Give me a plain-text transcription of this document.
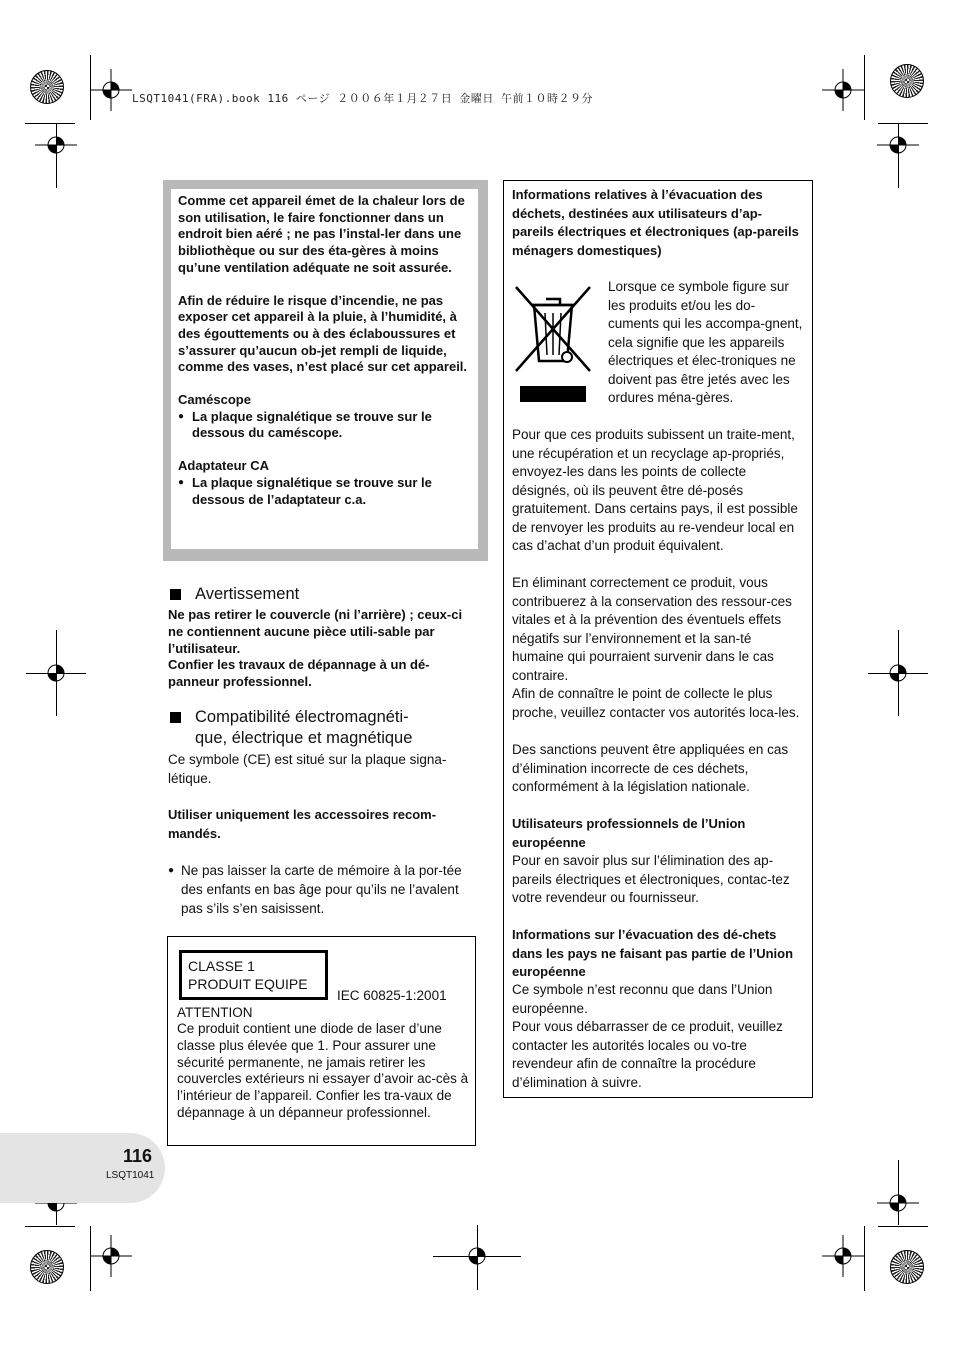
LSQT1041(FRA).book 116 ページ ２００６年１月２７日 金曜日 午前１０時２９分

Comme cet appareil émet de la chaleur lors de son utilisation, le faire fonctionner dans un endroit bien aéré ; ne pas l’instal-ler dans une bibliothèque ou sur des éta-gères à moins qu’une ventilation adéquate ne soit assurée.

Afin de réduire le risque d’incendie, ne pas exposer cet appareil à la pluie, à l’humidité, à des égouttements ou à des éclaboussures et s’assurer qu’aucun ob-jet rempli de liquide, comme des vases, n’est placé sur cet appareil.

Caméscope
● La plaque signalétique se trouve sur le dessous du caméscope.
Adaptateur CA
● La plaque signalétique se trouve sur le dessous de l’adaptateur c.a.
Avertissement
Ne pas retirer le couvercle (ni l’arrière) ; ceux-ci ne contiennent aucune pièce utili-sable par l’utilisateur.
Confier les travaux de dépannage à un dé-panneur professionnel.
Compatibilité électromagnéti-
que, électrique et magnétique
Ce symbole (CE) est situé sur la plaque signa-létique.
Utiliser uniquement les accessoires recom-mandés.
● Ne pas laisser la carte de mémoire à la por-tée des enfants en bas âge pour qu’ils ne l’avalent pas s’ils s’en saisissent.
CLASSE 1
PRODUIT EQUIPE
IEC 60825-1:2001
ATTENTION
Ce produit contient une diode de laser d’une classe plus élevée que 1. Pour assurer une sécurité permanente, ne jamais retirer les couvercles extérieurs ni essayer d’avoir ac-cès à l’intérieur de l’appareil. Confier les tra-vaux de dépannage à un dépanneur professionnel.
Informations relatives à l’évacuation des déchets, destinées aux utilisateurs d’ap-pareils électriques et électroniques (ap-pareils ménagers domestiques)
Lorsque ce symbole figure sur les produits et/ou les do-cuments qui les accompa-gnent, cela signifie que les appareils électriques et élec-troniques ne doivent pas être jetés avec les ordures ména-gères.
Pour que ces produits subissent un traite-ment, une récupération et un recyclage ap-propriés, envoyez-les dans les points de collecte désignés, où ils peuvent être dé-posés gratuitement. Dans certains pays, il est possible de renvoyer les produits au re-vendeur local en cas d’achat d’un produit équivalent.
En éliminant correctement ce produit, vous contribuerez à la conservation des ressour-ces vitales et à la prévention des éventuels effets négatifs sur l’environnement et la san-té humaine qui pourraient survenir dans le cas contraire.
Afin de connaître le point de collecte le plus proche, veuillez contacter vos autorités loca-les.
Des sanctions peuvent être appliquées en cas d’élimination incorrecte de ces déchets, conformément à la législation nationale.
Utilisateurs professionnels de l’Union européenne
Pour en savoir plus sur l’élimination des ap-pareils électriques et électroniques, contac-tez votre revendeur ou fournisseur.
Informations sur l’évacuation des dé-chets dans les pays ne faisant pas partie de l’Union européenne
Ce symbole n’est reconnu que dans l’Union européenne.
Pour vous débarrasser de ce produit, veuillez contacter les autorités locales ou vo-tre revendeur afin de connaître la procédure d’élimination à suivre.
116
LSQT1041
